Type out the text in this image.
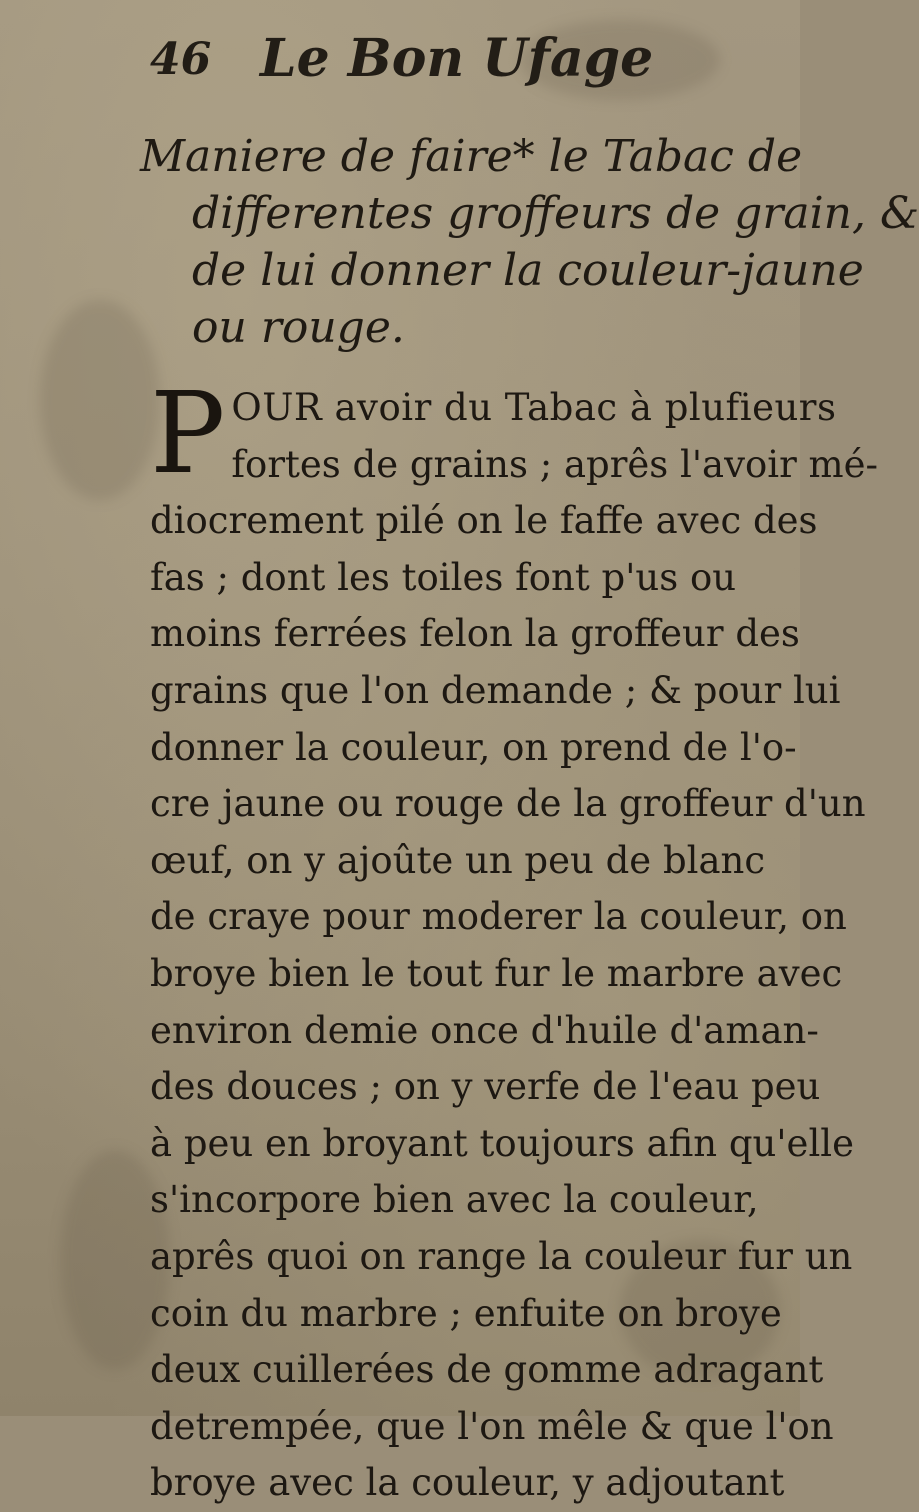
46 Le Bon Ufage
Maniere de faire* le Tabac de
differentes groffeurs de grain, &
de lui donner la couleur-jaune
ou rouge.
P OUR avoir du Tabac à plufieurs
fortes de grains ; aprês l'avoir mé-
diocrement pilé on le faffe avec des
fas ; dont les toiles font p'us ou
moins ferrées felon la groffeur des
grains que l'on demande ; & pour lui
donner la couleur, on prend de l'o-
cre jaune ou rouge de la groffeur d'un
œuf, on y ajoûte un peu de blanc
de craye pour moderer la couleur, on
broye bien le tout fur le marbre avec
environ demie once d'huile d'aman-
des douces ; on y verfe de l'eau peu
à peu en broyant toujours afin qu'elle
s'incorpore bien avec la couleur,
aprês quoi on range la couleur fur un
coin du marbre ; enfuite on broye
deux cuillerées de gomme adragant
detrempée, que l'on mêle & que l'on
broye avec la couleur, y adjoutant
